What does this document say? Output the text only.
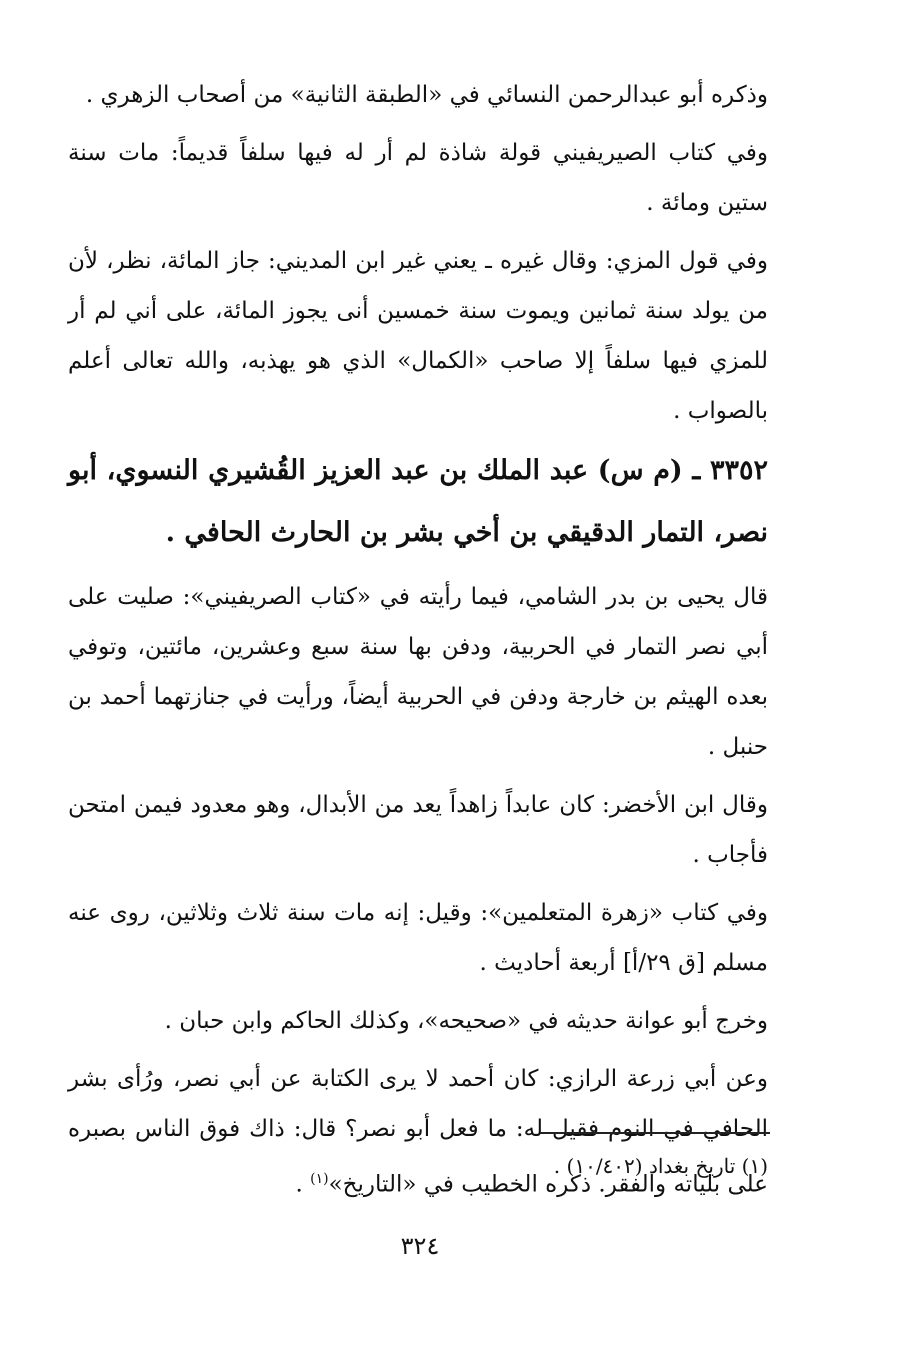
وذكره أبو عبدالرحمن النسائي في «الطبقة الثانية» من أصحاب الزهري .

وفي كتاب الصيريفيني قولة شاذة لم أر له فيها سلفاً قديماً: مات سنة ستين ومائة .

وفي قول المزي: وقال غيره ـ يعني غير ابن المديني: جاز المائة، نظر، لأن من يولد سنة ثمانين ويموت سنة خمسين أنى يجوز المائة، على أني لم أر للمزي فيها سلفاً إلا صاحب «الكمال» الذي هو يهذبه، والله تعالى أعلم بالصواب .

٣٣٥٢ ـ (م س) عبد الملك بن عبد العزيز القُشيري النسوي، أبو نصر، التمار الدقيقي بن أخي بشر بن الحارث الحافي .

قال يحيى بن بدر الشامي، فيما رأيته في «كتاب الصريفيني»: صليت على أبي نصر التمار في الحربية، ودفن بها سنة سبع وعشرين، مائتين، وتوفي بعده الهيثم بن خارجة ودفن في الحربية أيضاً، ورأيت في جنازتهما أحمد بن حنبل .

وقال ابن الأخضر: كان عابداً زاهداً يعد من الأبدال، وهو معدود فيمن امتحن فأجاب .

وفي كتاب «زهرة المتعلمين»: وقيل: إنه مات سنة ثلاث وثلاثين، روى عنه مسلم [ق ٢٩/أ] أربعة أحاديث .

وخرج أبو عوانة حديثه في «صحيحه»، وكذلك الحاكم وابن حبان .

وعن أبي زرعة الرازي: كان أحمد لا يرى الكتابة عن أبي نصر، ورُأى بشر الحافي في النوم فقيل له: ما فعل أبو نصر؟ قال: ذاك فوق الناس بصبره على بلياته والفقر. ذكره الخطيب في «التاريخ»$^{(١)}$ .

(١) تاريخ بغداد (١٠/٤٠٢) .
٣٢٤
